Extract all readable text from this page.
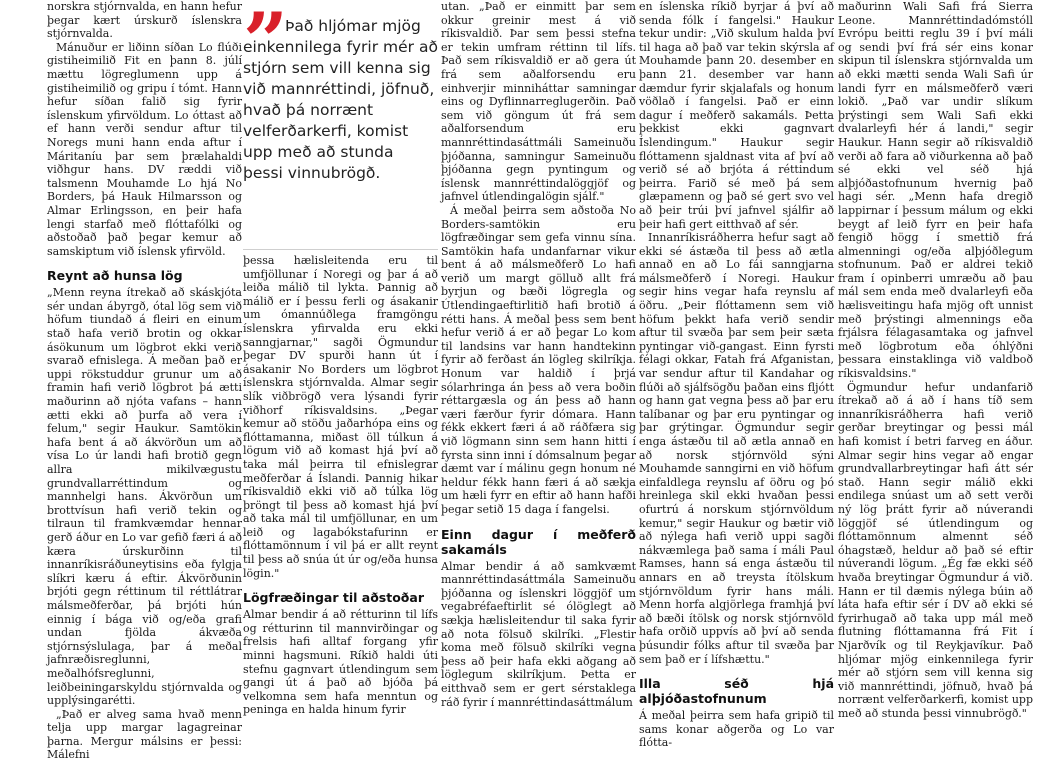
norskra stjórnvalda, en hann hefur þegar kært úrskurð íslenskra stjórnvalda.

Mánuður er liðinn síðan Lo flúði gistiheimilið Fit en þann 8. júlí mættu lögreglumenn upp á gistiheimilið og gripu í tómt. Hann hefur síðan falið sig fyrir íslenskum yfirvöldum. Lo óttast að ef hann verði sendur aftur til Noregs muni hann enda aftur í Máritaníu þar sem þrælahaldi viðhgur hans. DV ræddi við talsmenn Mouhamde Lo hjá No Borders, þá Hauk Hilmarsson og Almar Erlingsson, en þeir hafa lengi starfað með flóttafólki og aðstoðað það þegar kemur að samskiptum við íslensk yfirvöld.

Reynt að hunsa lög

„Menn reyna ítrekað að skáskjóta sér undan ábyrgð, ótal lög sem við höfum tiundað á fleiri en einum stað hafa verið brotin og okkar ásökunum um lögbrot ekki verið svarað efnislega. Á meðan það er uppi rökstuddur grunur um að framin hafi verið lögbrot þá ætti maðurinn að njóta vafans – hann ætti ekki að þurfa að vera í felum," segir Haukur. Samtökin hafa bent á að ákvörðun um að vísa Lo úr landi hafi brotið gegn allra mikilvægustu grundvallarréttindum og mannhelgi hans. Ákvörðun um brottvísun hafi verið tekin og tilraun til framkvæmdar hennar gerð áður en Lo var gefið færi á að kæra úrskurðinn til innanríkisráðuneytisins eða fylgja slíkri kæru á eftir. Ákvörðunin brjóti gegn réttinum til réttlátrar málsmeðferðar, þá brjóti hún einnig í bága við og/eða grafi undan fjölda ákvæða stjórnsýslulaga, þar á meðal jafnræðisreglunni, meðalhófsreglunni, leiðbeiningarskyldu stjórnvalda og upplýsingarétti.

„Það er alveg sama hvað menn telja upp margar lagagreinar þarna. Mergur málsins er þessi: Málefni

” Það hljómar mjög einkennilega fyrir mér að stjórn sem vill kenna sig við mannréttindi, jöfnuð, hvað þá norrænt velferðarkerfi, komist upp með að stunda þessi vinnubrögð.

þessa hælisleitenda eru til umfjöllunar í Noregi og þar á að leiða málið til lykta. Þannig að málið er í þessu ferli og ásakanir um ómannúðlega framgöngu íslenskra yfirvalda eru ekki sanngjarnar," sagði Ögmundur þegar DV spurði hann út í ásakanir No Borders um lögbrot íslenskra stjórnvalda. Almar segir slík viðbrögð vera lýsandi fyrir viðhorf ríkisvaldsins. „Þegar kemur að stöðu jaðarhópa eins og flóttamanna, miðast öll túlkun á lögum við að komast hjá því að taka mál þeirra til efnislegrar meðferðar á Íslandi. Þannig hikar ríkisvaldið ekki við að túlka lög þröngt til þess að komast hjá því að taka mál til umfjöllunar, en um leið og lagabókstafurinn er flóttamönnum í vil þá er allt reynt til þess að snúa út úr og/eða hunsa lögin."

Lögfræðingar til aðstoðar

Almar bendir á að rétturinn til lífs og rétturinn til mannvirðingar og frelsis hafi alltaf forgang yfir minni hagsmuni. Ríkið haldi úti stefnu gagnvart útlendingum sem gangi út á það að bjóða þá velkomna sem hafa menntun og peninga en halda hinum fyrir

utan. „Það er einmitt þar sem okkur greinir mest á við ríkisvaldið. Þar sem þessi stefna er tekin umfram réttinn til lífs. Það sem ríkisvaldið er að gera út frá sem aðalforsendu eru einhverjir minniháttar samningar eins og Dyflinnarreglugerðin. Það sem við göngum út frá sem aðalforsendum eru mannréttindasáttmáli Sameinuðu þjóðanna, samningur Sameinuðu þjóðanna gegn pyntingum og íslensk mannréttindalöggjöf og jafnvel útlendingalögin sjálf."

Á meðal þeirra sem aðstoða No Borders-samtökin eru lögfræðingar sem gefa vinnu sína. Samtökin hafa undanfarnar vikur bent á að málsmeðferð Lo hafi verið um margt gölluð allt frá byrjun og bæði lögregla og Útlendingaeftirlitið hafi brotið á rétti hans. Á meðal þess sem bent hefur verið á er að þegar Lo kom til landsins var hann handtekinn fyrir að ferðast án lögleg skilríkja. Honum var haldið í þrjá sólarhringa án þess að vera boðin réttargæsla og án þess að hann væri færður fyrir dómara. Hann fékk ekkert færi á að ráðfæra sig við lögmann sinn sem hann hitti í fyrsta sinn inni í dómsalnum þegar dæmt var í málinu gegn honum né heldur fékk hann færi á að sækja um hæli fyrr en eftir að hann hafði þegar setið 15 daga í fangelsi.

Einn dagur í meðferð sakamáls

Almar bendir á að samkvæmt mannréttindasáttmála Sameinuðu þjóðanna og íslenskri löggjöf um vegabréfaeftirlit sé ólöglegt að sækja hælisleitendur til saka fyrir að nota fölsuð skilríki. „Flestir koma með fölsuð skilríki vegna þess að þeir hafa ekki aðgang að löglegum skilríkjum. Þetta er eitthvað sem er gert sérstaklega ráð fyrir í mannréttindasáttmálum

en íslenska ríkið byrjar á því að senda fólk í fangelsi." Haukur tekur undir: „Við skulum halda því til haga að það var tekin skýrsla af Mouhamde þann 20. desember en þann 21. desember var hann dæmdur fyrir skjalafals og honum vöðlað í fangelsi. Það er einn dagur í meðferð sakamáls. Þetta þekkist ekki gagnvart Íslendingum." Haukur segir flóttamenn sjaldnast vita af því að verið sé að brjóta á réttindum þeirra. Farið sé með þá sem glæpamenn og það sé gert svo vel að þeir trúi því jafnvel sjálfir að þeir hafi gert eitthvað af sér.

Innanríkisráðherra hefur sagt að ekki sé ástæða til þess að ætla annað en að Lo fái sanngjarna málsmeðferð í Noregi. Haukur segir hins vegar hafa reynslu af öðru. „Þeir flóttamenn sem við höfum þekkt hafa verið sendir aftur til svæða þar sem þeir sæta pyntingar við-gangast. Einn fyrsti félagi okkar, Fatah frá Afganistan, var sendur aftur til Kandahar og flúði að sjálfsögðu þaðan eins fljótt og hann gat vegna þess að þar eru talíbanar og þar eru pyntingar og þar grýtingar. Ögmundur segir enga ástæðu til að ætla annað en að norsk stjórnvöld sýni Mouhamde sanngirni en við höfum einfaldlega reynslu af öðru og þó hreinlega skil ekki hvaðan þessi ofurtrú á norskum stjórnvöldum kemur," segir Haukur og bætir við að nýlega hafi verið uppi sagði nákvæmlega það sama í máli Paul Ramses, hann sá enga ástæðu til annars en að treysta ítölskum stjórnvöldum fyrir hans máli. Menn horfa algjörlega framhjá því að bæði ítölsk og norsk stjórnvöld hafa orðið uppvís að því að senda þúsundir fólks aftur til svæða þar sem það er í lífshættu."

Illa séð hjá alþjóðastofnunum

Á meðal þeirra sem hafa gripið til sams konar aðgerða og Lo var flótta-

maðurinn Wali Safi frá Sierra Leone. Mannréttindadómstóll Evrópu beitti reglu 39 í því máli og sendi því frá sér eins konar skipun til íslenskra stjórnvalda um að ekki mætti senda Wali Safi úr landi fyrr en málsmeðferð væri lokið. „Það var undir slíkum þrýstingi sem Wali Safi ekki dvalarleyfi hér á landi," segir Haukur. Hann segir að ríkisvaldið verði að fara að viðurkenna að það sé ekki vel séð hjá alþjóðastofnunum hvernig það hagi sér. „Menn hafa dregið lappirnar í þessum málum og ekki beygt af leið fyrr en þeir hafa fengið högg í smettið frá almenningi og/eða alþjóðlegum stofnunum. Það er aldrei tekið fram í opinberri umræðu að þau mál sem enda með dvalarleyfi eða hælisveitingu hafa mjög oft unnist með þrýstingi almennings eða frjálsra félagasamtaka og jafnvel með lögbrotum eða óhlýðni þessara einstaklinga við valdboð ríkisvaldsins."

Ögmundur hefur undanfarið ítrekað að á að í hans tíð sem innanríkisráðherra hafi verið gerðar breytingar og þessi mál hafi komist í betri farveg en áður. Almar segir hins vegar að engar grundvallarbreytingar hafi átt sér stað. Hann segir málið ekki endilega snúast um að sett verði ný lög þrátt fyrir að núverandi löggjöf sé útlendingum og flóttamönnum almennt séð óhagstæð, heldur að það sé eftir núverandi lögum. „Ég fæ ekki séð hvaða breytingar Ögmundur á við. Hann er til dæmis nýlega búin að láta hafa eftir sér í DV að ekki sé fyrirhugað að taka upp mál með flutning flóttamanna frá Fit í Njarðvík og til Reykjavíkur. Það hljómar mjög einkennilega fyrir mér að stjórn sem vill kenna sig við mannréttindi, jöfnuð, hvað þá norrænt velferðarkerfi, komist upp með að stunda þessi vinnubrögð."
